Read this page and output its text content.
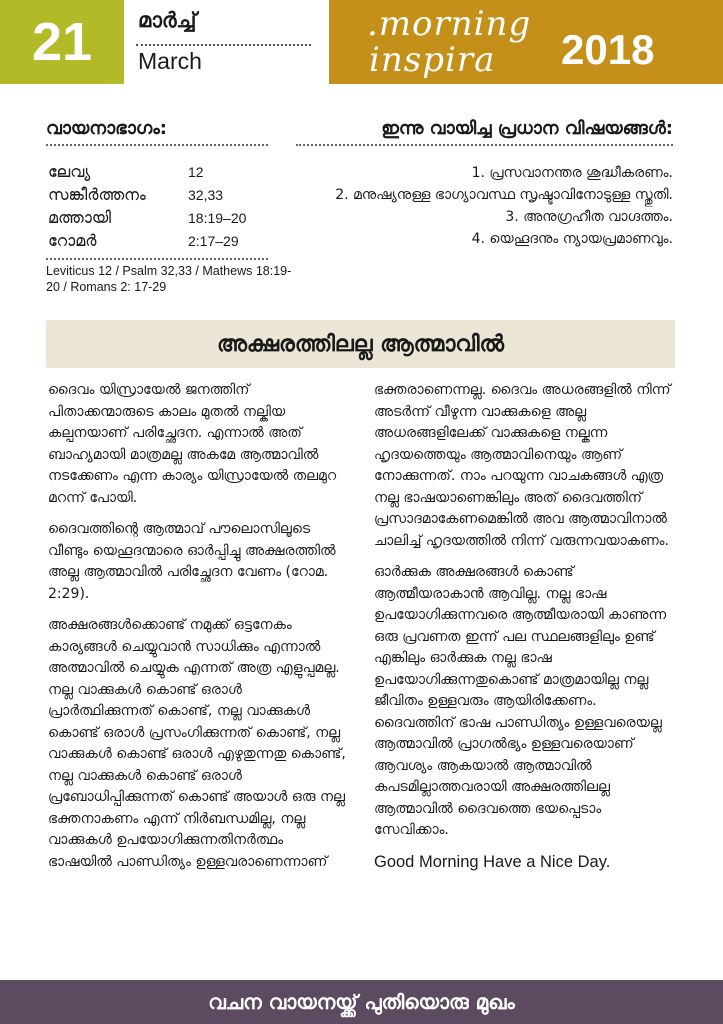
21	മാർച്ച്
March
.morning
inspira 2018
വായനാഭാഗം:
ലേവ്യ	12
സങ്കീർത്തനം	32,33
മത്തായി	18:19–20
റോമർ	2:17–29
Leviticus 12 / Psalm 32,33 / Mathews 18:19-20 / Romans 2: 17-29
ഇന്നു വായിച്ച പ്രധാന വിഷയങ്ങൾ:
1. പ്രസവാനന്തര ശുദ്ധീകരണം.
2. മനുഷ്യനുള്ള ഭാഗ്യാവസ്ഥ സൃഷ്ടാവിനോടുള്ള സ്തുതി.
3. അനുഗ്രഹീത വാഗ്ദത്തം.
4. യെഹൂദനും ന്യായപ്രമാണവും.
അക്ഷരത്തിലല്ല ആത്മാവിൽ

ദൈവം യിസ്രായേൽ ജനത്തിന് പിതാക്കന്മാരുടെ കാലം മുതൽ നല്കിയ കല്പനയാണ് പരിച്ഛേദന. എന്നാൽ അത് ബാഹ്യമായി മാത്രമല്ല അകമേ ആത്മാവിൽ നടക്കേണം എന്ന കാര്യം യിസ്രായേൽ തലമുറ മറന്ന് പോയി.

ദൈവത്തിന്റെ ആത്മാവ് പൗലൊസിലൂടെ വീണ്ടും യെഹൂദന്മാരെ ഓർപ്പിച്ചു അക്ഷരത്തിൽ അല്ല ആത്മാവിൽ പരിച്ഛേദന വേണം (റോമ. 2:29).

അക്ഷരങ്ങൾക്കൊണ്ട് നമുക്ക് ഒട്ടനേകം കാര്യങ്ങൾ ചെയ്യുവാൻ സാധിക്കും എന്നാൽ അത്മാവിൽ ചെയ്യുക എന്നത് അത്ര എളുപ്പമല്ല. നല്ല വാക്കുകൾ കൊണ്ട് ഒരാൾ പ്രാർത്ഥിക്കുന്നത് കൊണ്ട്, നല്ല വാക്കുകൾ കൊണ്ട് ഒരാൾ പ്രസംഗിക്കുന്നത് കൊണ്ട്, നല്ല വാക്കുകൾ കൊണ്ട് ഒരാൾ എഴുതുന്നതു കൊണ്ട്, നല്ല വാക്കുകൾ കൊണ്ട് ഒരാൾ പ്രബോധിപ്പിക്കുന്നത് കൊണ്ട് അയാൾ ഒരു നല്ല ഭക്തനാകണം എന്ന് നിർബന്ധമില്ല, നല്ല വാക്കുകൾ ഉപയോഗിക്കുന്നതിനർത്ഥം ഭാഷയിൽ പാണ്ഡിത്യം ഉള്ളവരാണെന്നാണ്

ഭക്തരാണെന്നല്ല. ദൈവം അധരങ്ങളിൽ നിന്ന് അടർന്ന് വീഴുന്ന വാക്കുകളെ അല്ല അധരങ്ങളിലേക്ക് വാക്കുകളെ നല്കുന്ന ഹൃദയത്തെയും ആത്മാവിനെയും ആണ് നോക്കുന്നത്. നാം പറയുന്ന വാചകങ്ങൾ എത്ര നല്ല ഭാഷയാണെങ്കിലും അത് ദൈവത്തിന് പ്രസാദമാകേണമെങ്കിൽ അവ ആത്മാവിനാൽ ചാലിച്ച് ഹൃദയത്തിൽ നിന്ന് വരുന്നവയാകണം.

ഓർക്കുക അക്ഷരങ്ങൾ കൊണ്ട് ആത്മീയരാകാൻ ആവില്ല. നല്ല ഭാഷ ഉപയോഗിക്കുന്നവരെ ആത്മീയരായി കാണുന്ന ഒരു പ്രവണത ഇന്ന് പല സ്ഥലങ്ങളിലും ഉണ്ട് എങ്കിലും ഓർക്കുക നല്ല ഭാഷ ഉപയോഗിക്കുന്നതുകൊണ്ട് മാത്രമായില്ല നല്ല ജീവിതം ഉള്ളവരും ആയിരിക്കേണം. ദൈവത്തിന് ഭാഷ പാണ്ഡിത്യം ഉള്ളവരെയല്ല ആത്മാവിൽ പ്രാഗൽഭ്യം ഉള്ളവരെയാണ് ആവശ്യം ആകയാൽ ആത്മാവിൽ കപടമില്ലാത്തവരായി അക്ഷരത്തിലല്ല ആത്മാവിൽ ദൈവത്തെ ഭയപ്പെടാം സേവിക്കാം.

Good Morning Have a Nice Day.
വചന വായനയ്ക്ക് പുതിയൊരു മുഖം
